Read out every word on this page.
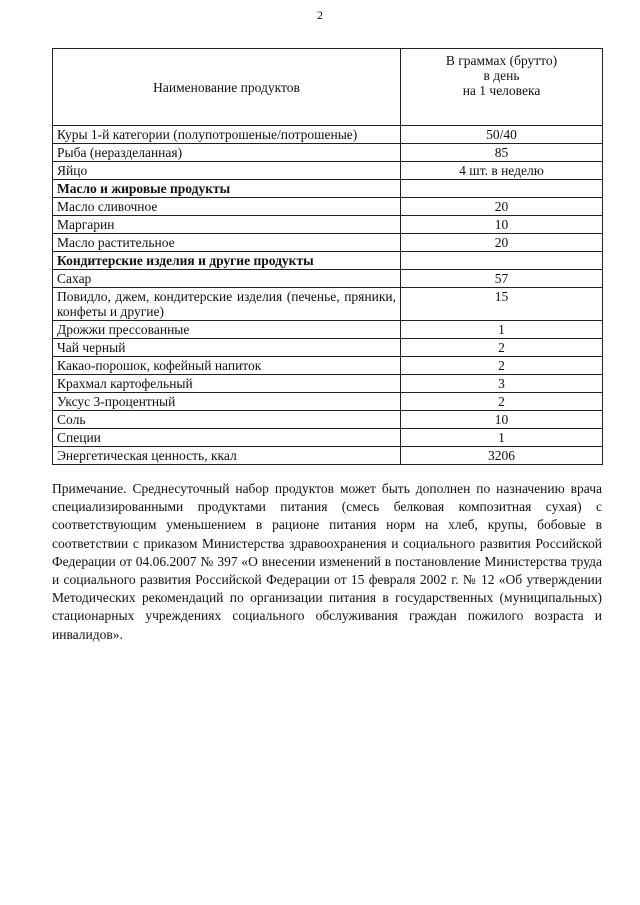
2
Наименование продуктов	В граммах (брутто)
в день
на 1 человека

Куры 1-й категории (полупотрошеные/потрошеные)	50/40
Рыба (неразделанная)	85
Яйцо	4 шт. в неделю
Масло и жировые продукты	
Масло сливочное	20
Маргарин	10
Масло растительное	20
Кондитерские изделия и другие продукты	
Сахар	57
Повидло, джем, кондитерские изделия (печенье, пряники, конфеты и другие)	15
Дрожжи прессованные	1
Чай черный	2
Какао-порошок, кофейный напиток	2
Крахмал картофельный	3
Уксус 3-процентный	2
Соль	10
Специи	1
Энергетическая ценность, ккал	3206

Примечание. Среднесуточный набор продуктов может быть дополнен по назначению врача специализированными продуктами питания (смесь белковая композитная сухая) с соответствующим уменьшением в рационе питания норм на хлеб, крупы, бобовые в соответствии с приказом Министерства здравоохранения и социального развития Российской Федерации от 04.06.2007 № 397 «О внесении изменений в постановление Министерства труда и социального развития Российской Федерации от 15 февраля 2002 г. № 12 «Об утверждении Методических рекомендаций по организации питания в государственных (муниципальных) стационарных учреждениях социального обслуживания граждан пожилого возраста и инвалидов».
